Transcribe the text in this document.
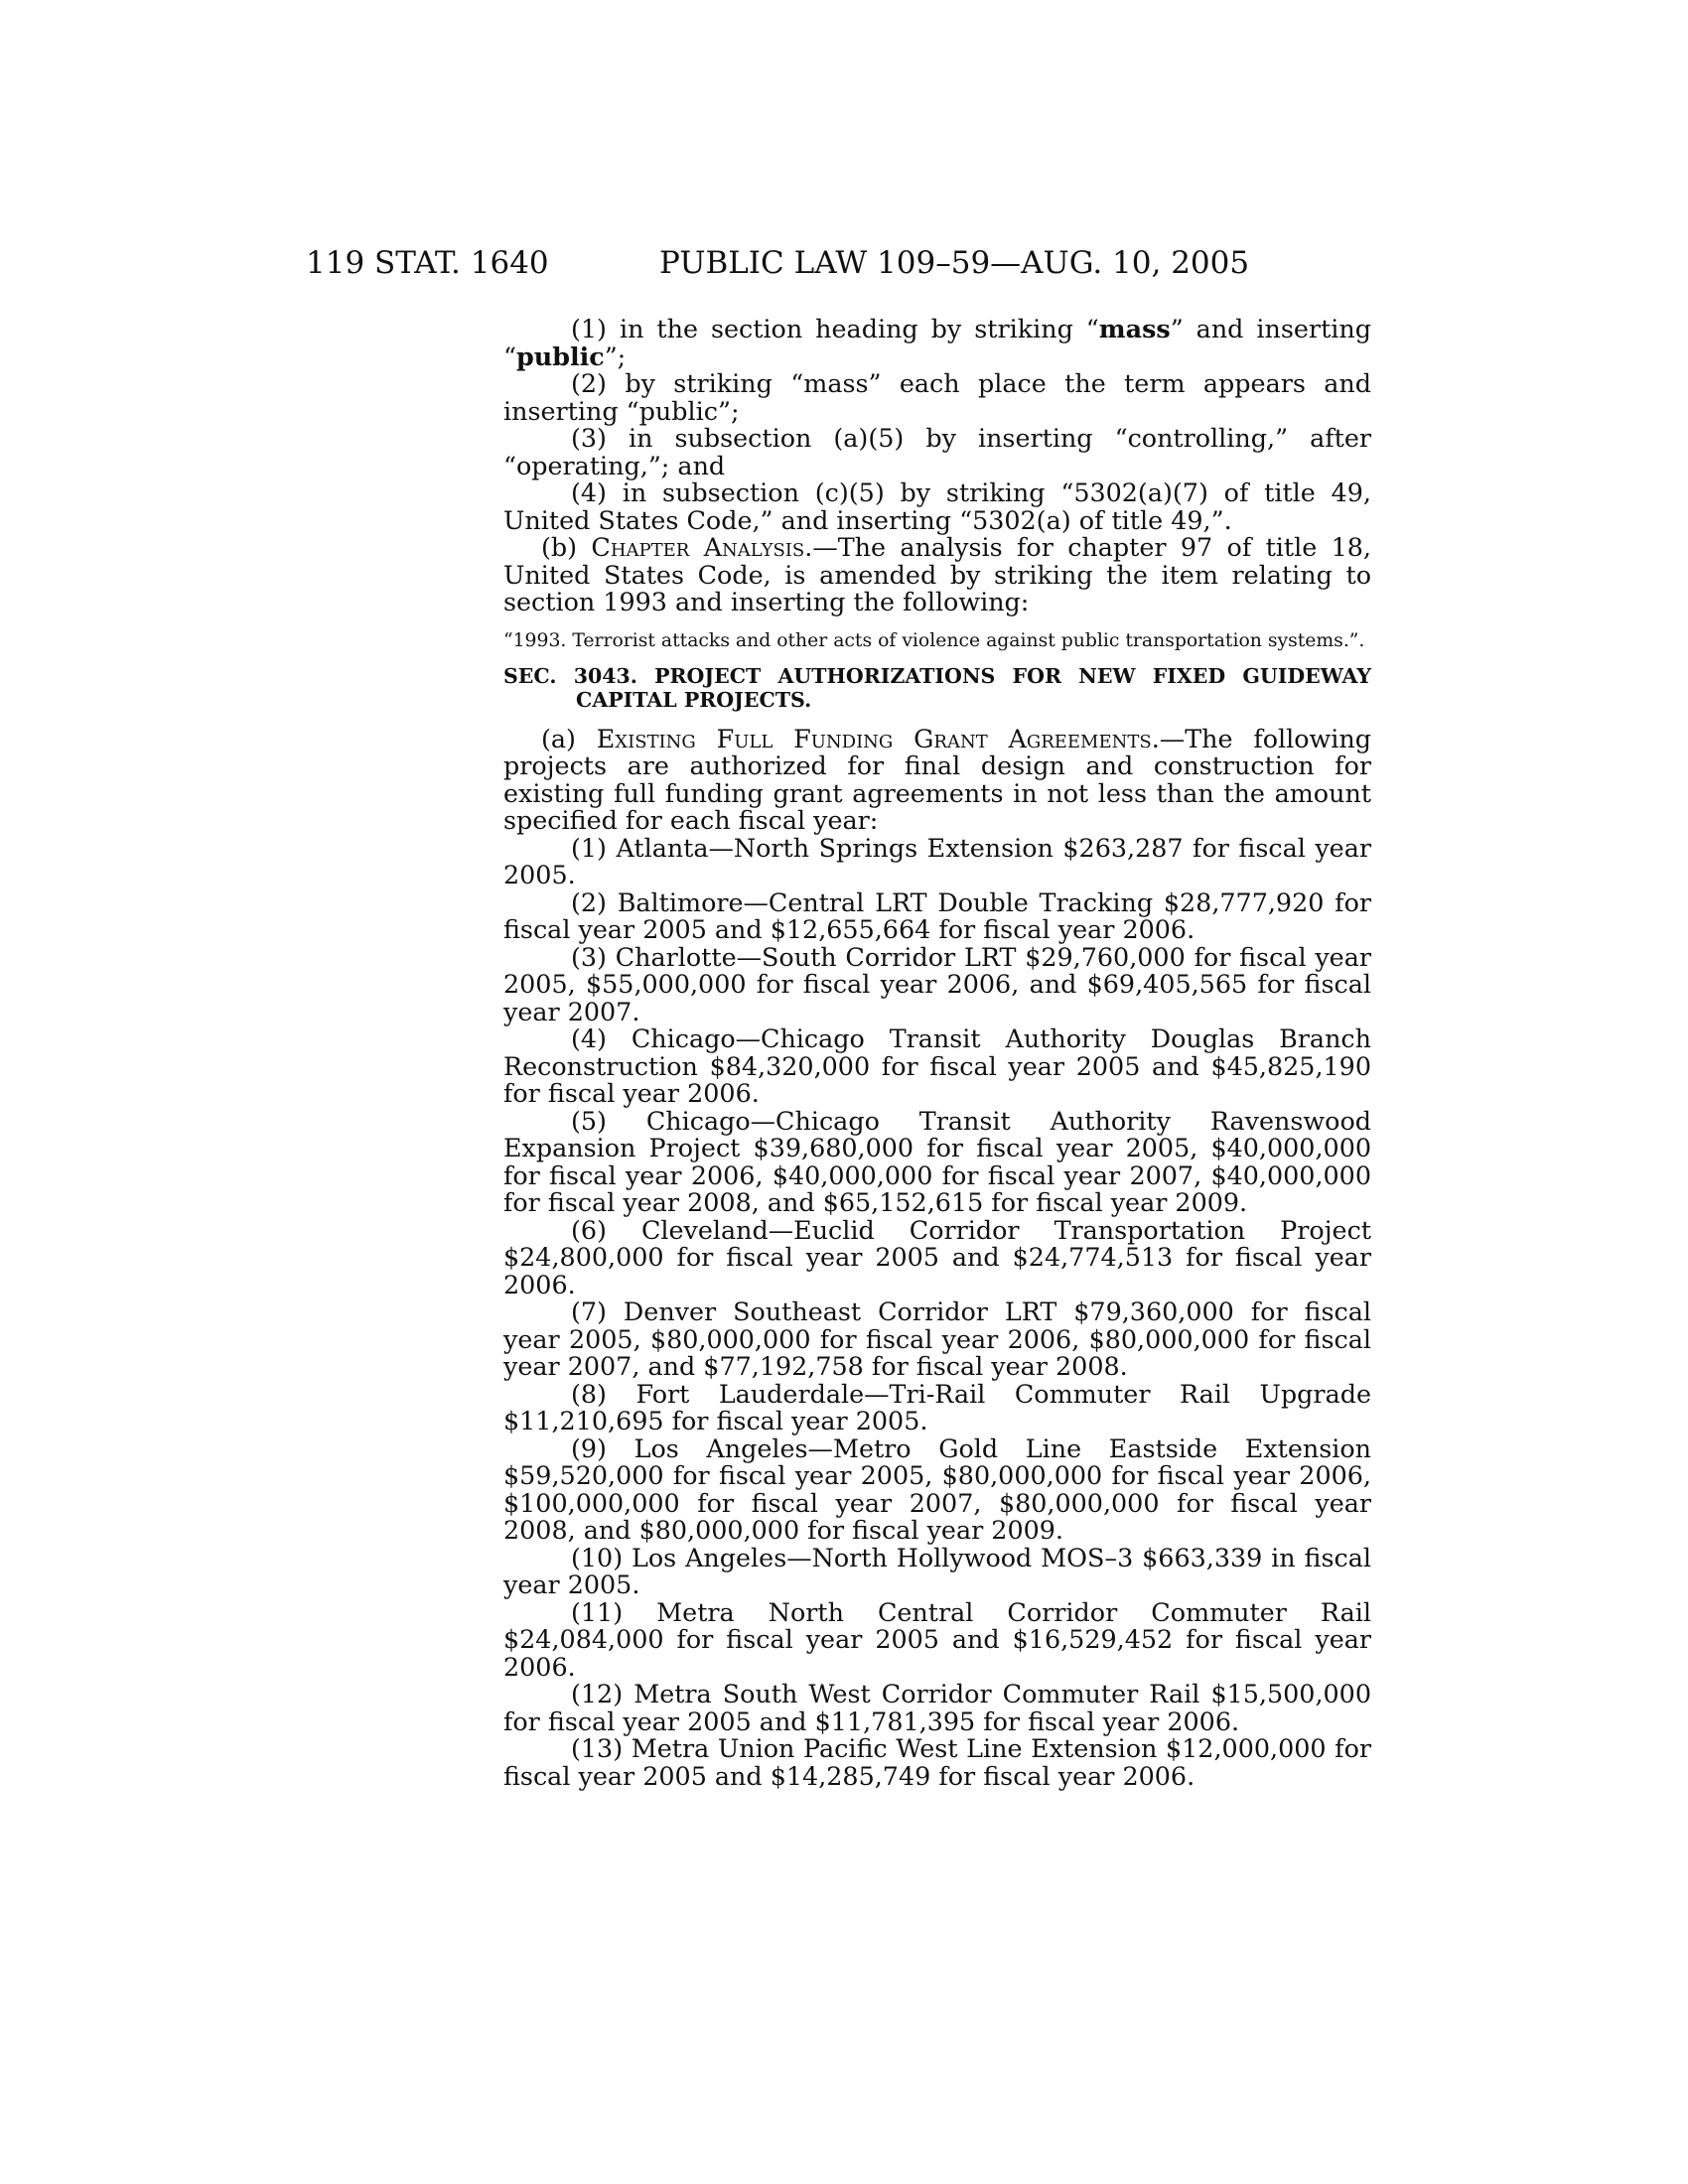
119 STAT. 1640	PUBLIC LAW 109–59—AUG. 10, 2005

(1) in the section heading by striking “mass” and inserting “public”;

(2) by striking “mass” each place the term appears and inserting “public”;

(3) in subsection (a)(5) by inserting “controlling,” after “operating,”; and

(4) in subsection (c)(5) by striking “5302(a)(7) of title 49, United States Code,” and inserting “5302(a) of title 49,”.

(b) Chapter Analysis.—The analysis for chapter 97 of title 18, United States Code, is amended by striking the item relating to section 1993 and inserting the following:

“1993. Terrorist attacks and other acts of violence against public transportation systems.”.

SEC. 3043. PROJECT AUTHORIZATIONS FOR NEW FIXED GUIDEWAY CAPITAL PROJECTS.

(a) Existing Full Funding Grant Agreements.—The following projects are authorized for final design and construction for existing full funding grant agreements in not less than the amount specified for each fiscal year:

(1) Atlanta—North Springs Extension $263,287 for fiscal year 2005.

(2) Baltimore—Central LRT Double Tracking $28,777,920 for fiscal year 2005 and $12,655,664 for fiscal year 2006.

(3) Charlotte—South Corridor LRT $29,760,000 for fiscal year 2005, $55,000,000 for fiscal year 2006, and $69,405,565 for fiscal year 2007.

(4) Chicago—Chicago Transit Authority Douglas Branch Reconstruction $84,320,000 for fiscal year 2005 and $45,825,190 for fiscal year 2006.

(5) Chicago—Chicago Transit Authority Ravenswood Expansion Project $39,680,000 for fiscal year 2005, $40,000,000 for fiscal year 2006, $40,000,000 for fiscal year 2007, $40,000,000 for fiscal year 2008, and $65,152,615 for fiscal year 2009.

(6) Cleveland—Euclid Corridor Transportation Project $24,800,000 for fiscal year 2005 and $24,774,513 for fiscal year 2006.

(7) Denver Southeast Corridor LRT $79,360,000 for fiscal year 2005, $80,000,000 for fiscal year 2006, $80,000,000 for fiscal year 2007, and $77,192,758 for fiscal year 2008.

(8) Fort Lauderdale—Tri-Rail Commuter Rail Upgrade $11,210,695 for fiscal year 2005.

(9) Los Angeles—Metro Gold Line Eastside Extension $59,520,000 for fiscal year 2005, $80,000,000 for fiscal year 2006, $100,000,000 for fiscal year 2007, $80,000,000 for fiscal year 2008, and $80,000,000 for fiscal year 2009.

(10) Los Angeles—North Hollywood MOS–3 $663,339 in fiscal year 2005.

(11) Metra North Central Corridor Commuter Rail $24,084,000 for fiscal year 2005 and $16,529,452 for fiscal year 2006.

(12) Metra South West Corridor Commuter Rail $15,500,000 for fiscal year 2005 and $11,781,395 for fiscal year 2006.

(13) Metra Union Pacific West Line Extension $12,000,000 for fiscal year 2005 and $14,285,749 for fiscal year 2006.
